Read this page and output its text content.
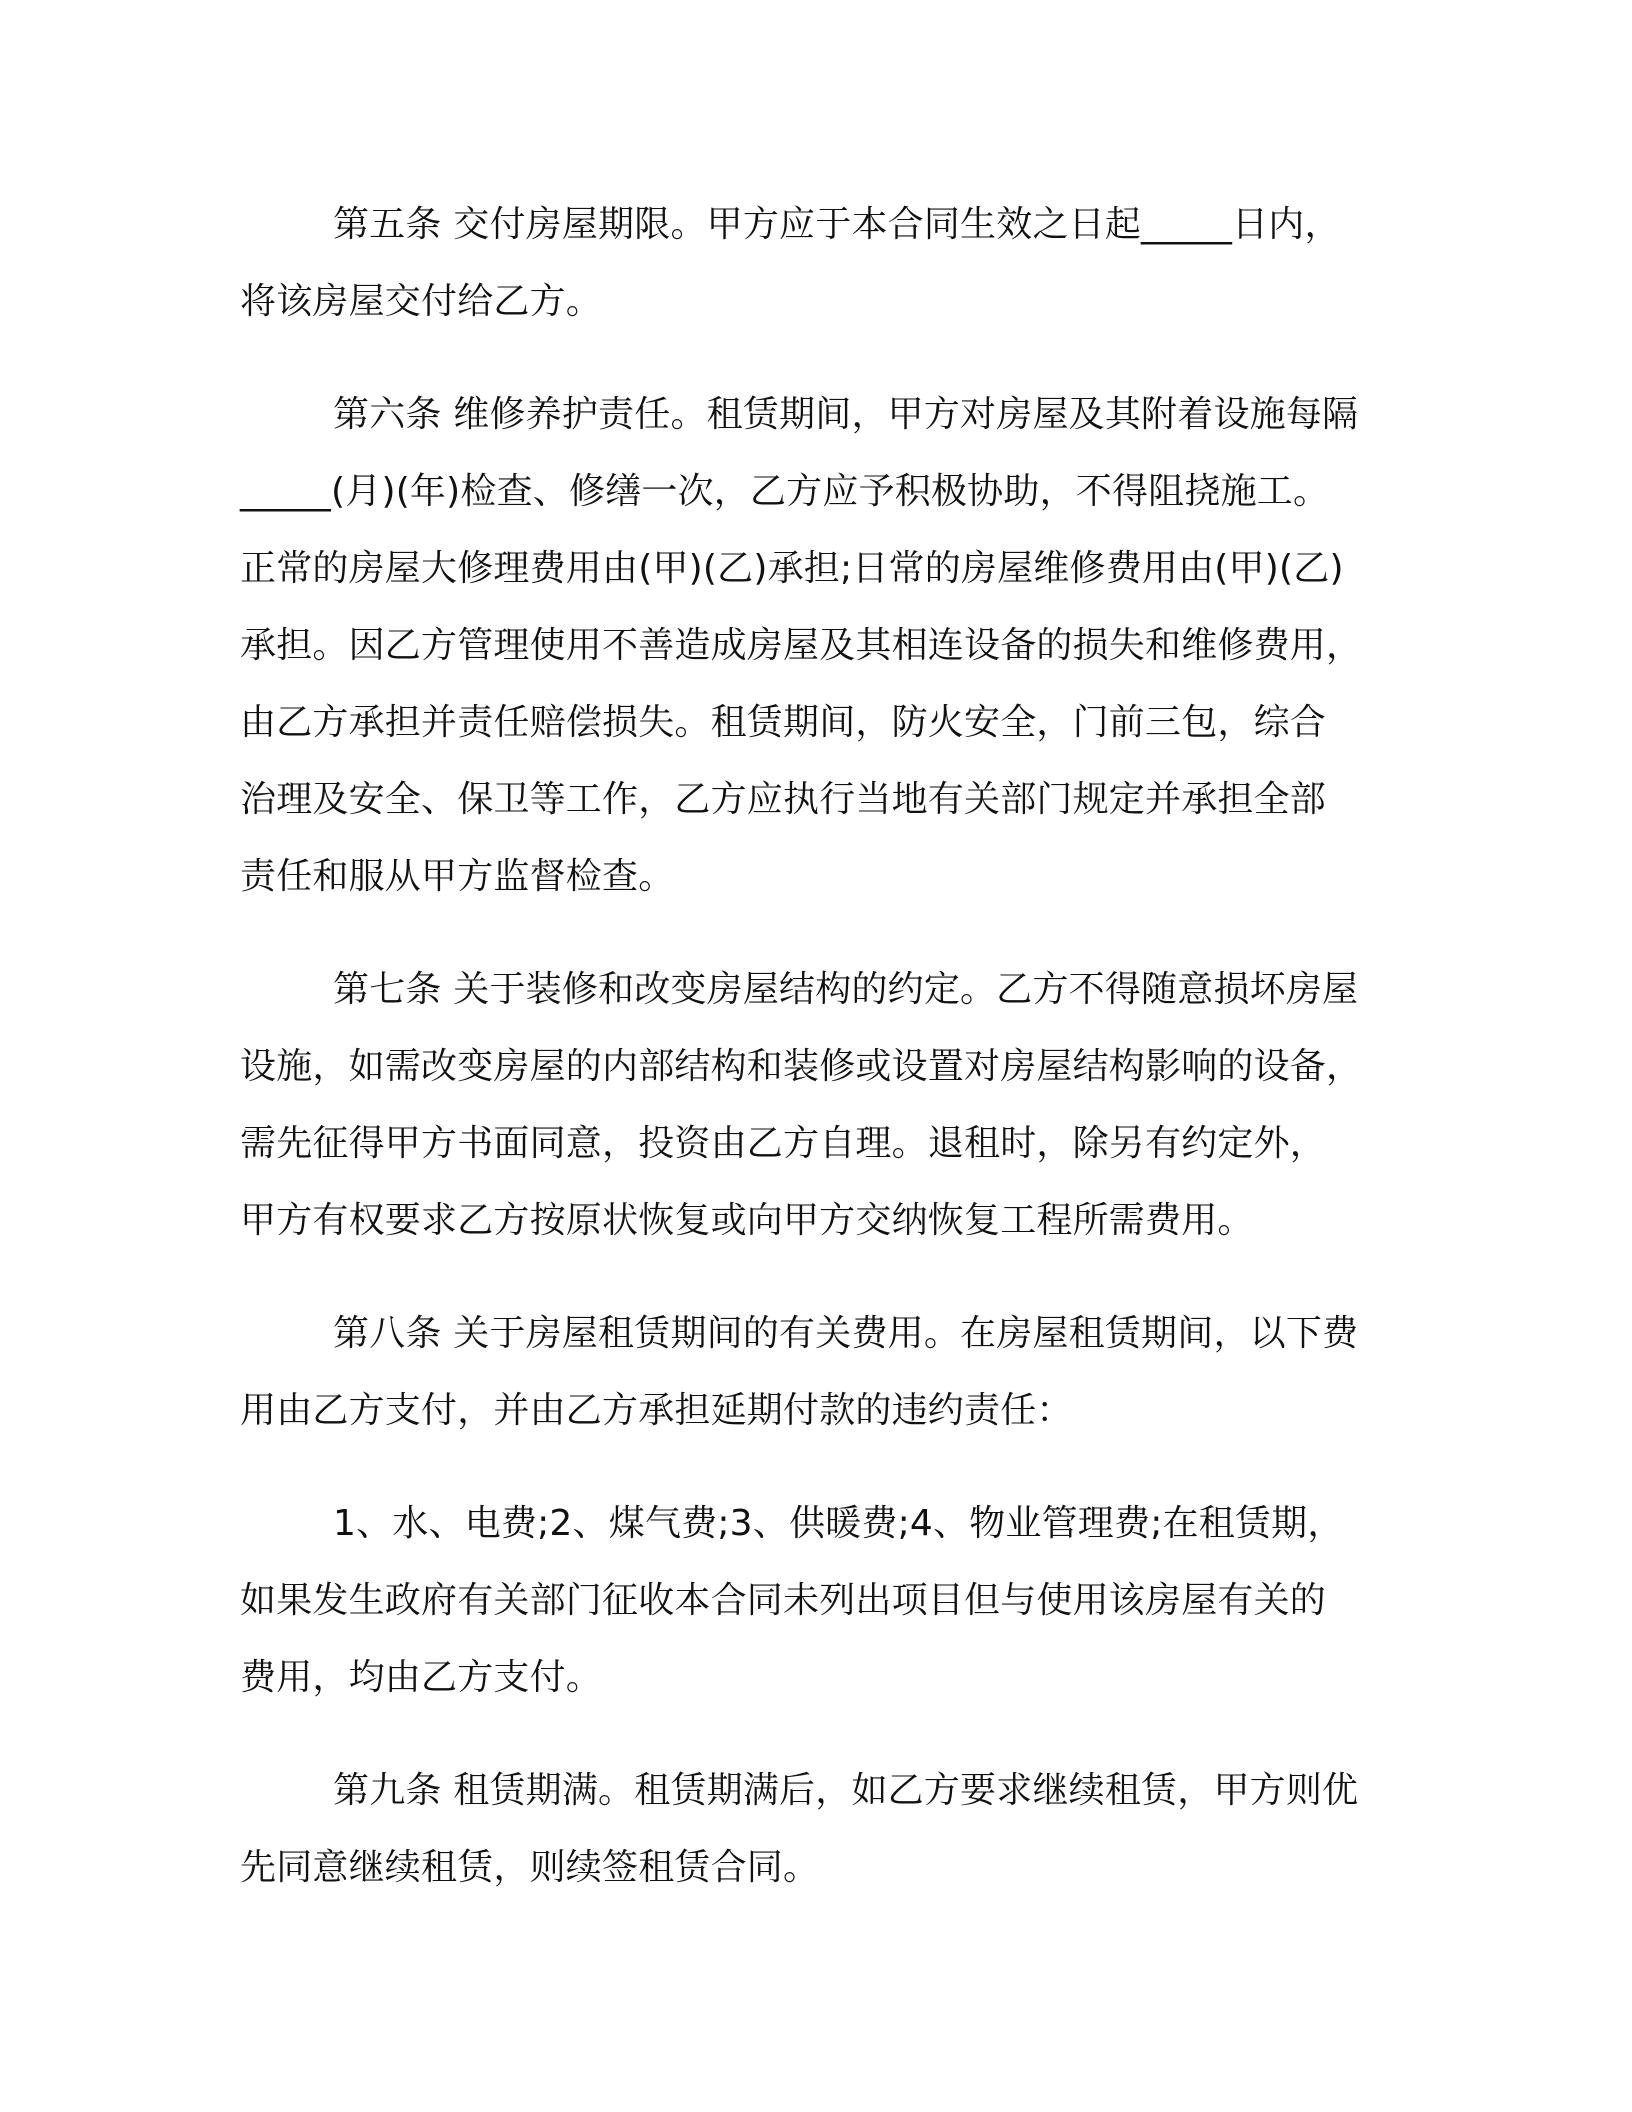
第五条 交付房屋期限。甲方应于本合同生效之日起_____日内，
将该房屋交付给乙方。

第六条 维修养护责任。租赁期间，甲方对房屋及其附着设施每隔
_____(月)(年)检查、修缮一次，乙方应予积极协助，不得阻挠施工。
正常的房屋大修理费用由(甲)(乙)承担;日常的房屋维修费用由(甲)(乙)
承担。因乙方管理使用不善造成房屋及其相连设备的损失和维修费用，
由乙方承担并责任赔偿损失。租赁期间，防火安全，门前三包，综合
治理及安全、保卫等工作，乙方应执行当地有关部门规定并承担全部
责任和服从甲方监督检查。

第七条 关于装修和改变房屋结构的约定。乙方不得随意损坏房屋
设施，如需改变房屋的内部结构和装修或设置对房屋结构影响的设备，
需先征得甲方书面同意，投资由乙方自理。退租时，除另有约定外，
甲方有权要求乙方按原状恢复或向甲方交纳恢复工程所需费用。

第八条 关于房屋租赁期间的有关费用。在房屋租赁期间，以下费
用由乙方支付，并由乙方承担延期付款的违约责任：

1、水、电费;2、煤气费;3、供暖费;4、物业管理费;在租赁期，
如果发生政府有关部门征收本合同未列出项目但与使用该房屋有关的
费用，均由乙方支付。

第九条 租赁期满。租赁期满后，如乙方要求继续租赁，甲方则优
先同意继续租赁，则续签租赁合同。
